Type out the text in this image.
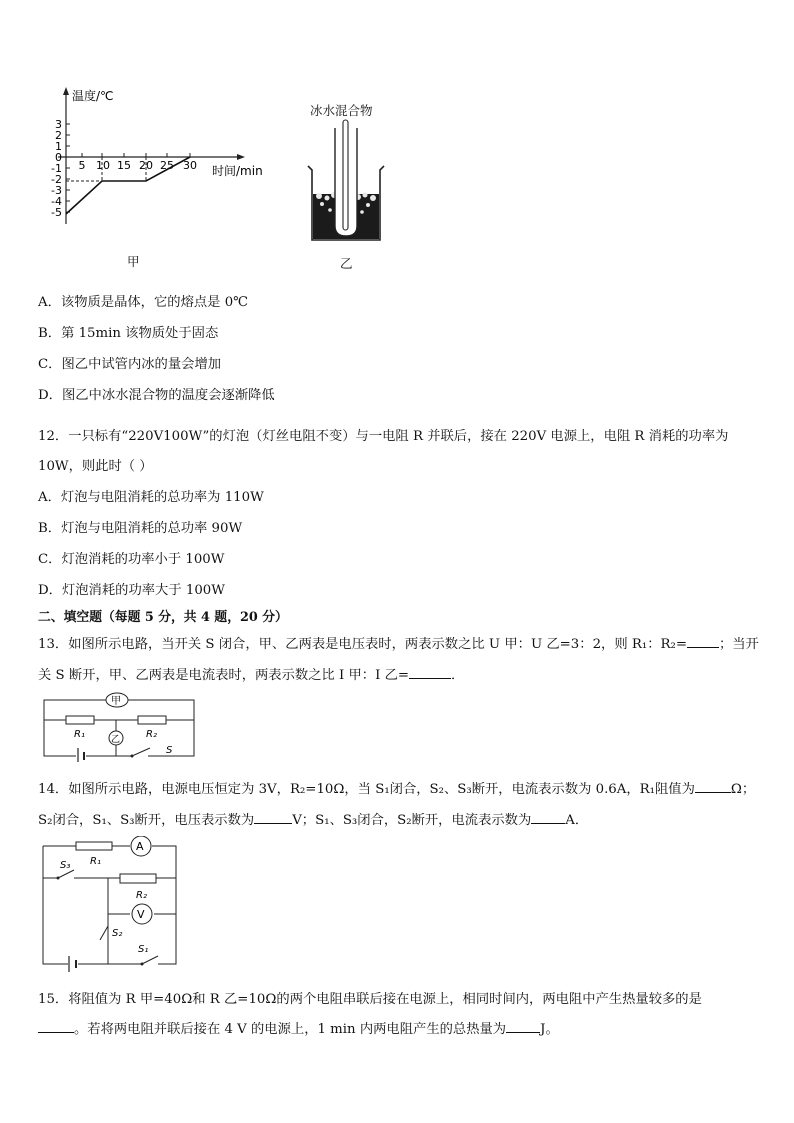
温度/℃
时间/min
3
2
1
0
-1
-2
-3
-4
-5
5 10 15 20 25 30
甲
冰水混合物
乙
A．该物质是晶体，它的熔点是 0℃
B．第 15min 该物质处于固态
C．图乙中试管内冰的量会增加
D．图乙中冰水混合物的温度会逐渐降低
12．一只标有“220V100W”的灯泡（灯丝电阻不变）与一电阻 R 并联后，接在 220V 电源上，电阻 R 消耗的功率为
10W，则此时（ ）
A．灯泡与电阻消耗的总功率为 110W
B．灯泡与电阻消耗的总功率 90W
C．灯泡消耗的功率小于 100W
D．灯泡消耗的功率大于 100W
二、填空题（每题 5 分，共 4 题，20 分）
13．如图所示电路，当开关 S 闭合，甲、乙两表是电压表时，两表示数之比 U 甲：U 乙=3：2，则 R₁：R₂= ；当开
关 S 断开，甲、乙两表是电流表时，两表示数之比 I 甲：I 乙=	．
R₁	R₂
甲
乙
S
14．如图所示电路，电源电压恒定为 3V，R₂=10Ω，当 S₁闭合，S₂、S₃断开，电流表示数为 0.6A，R₁阻值为	Ω；
S₂闭合，S₁、S₃断开，电压表示数为	V；S₁、S₃闭合，S₂断开，电流表示数为	A．
R₁
A
R₂
V
S₃
S₂
S₁
15．将阻值为 R 甲=40Ω和 R 乙=10Ω的两个电阻串联后接在电源上，相同时间内，两电阻中产生热量较多的是
。若将两电阻并联后接在 4 V 的电源上，1 min 内两电阻产生的总热量为	J。
